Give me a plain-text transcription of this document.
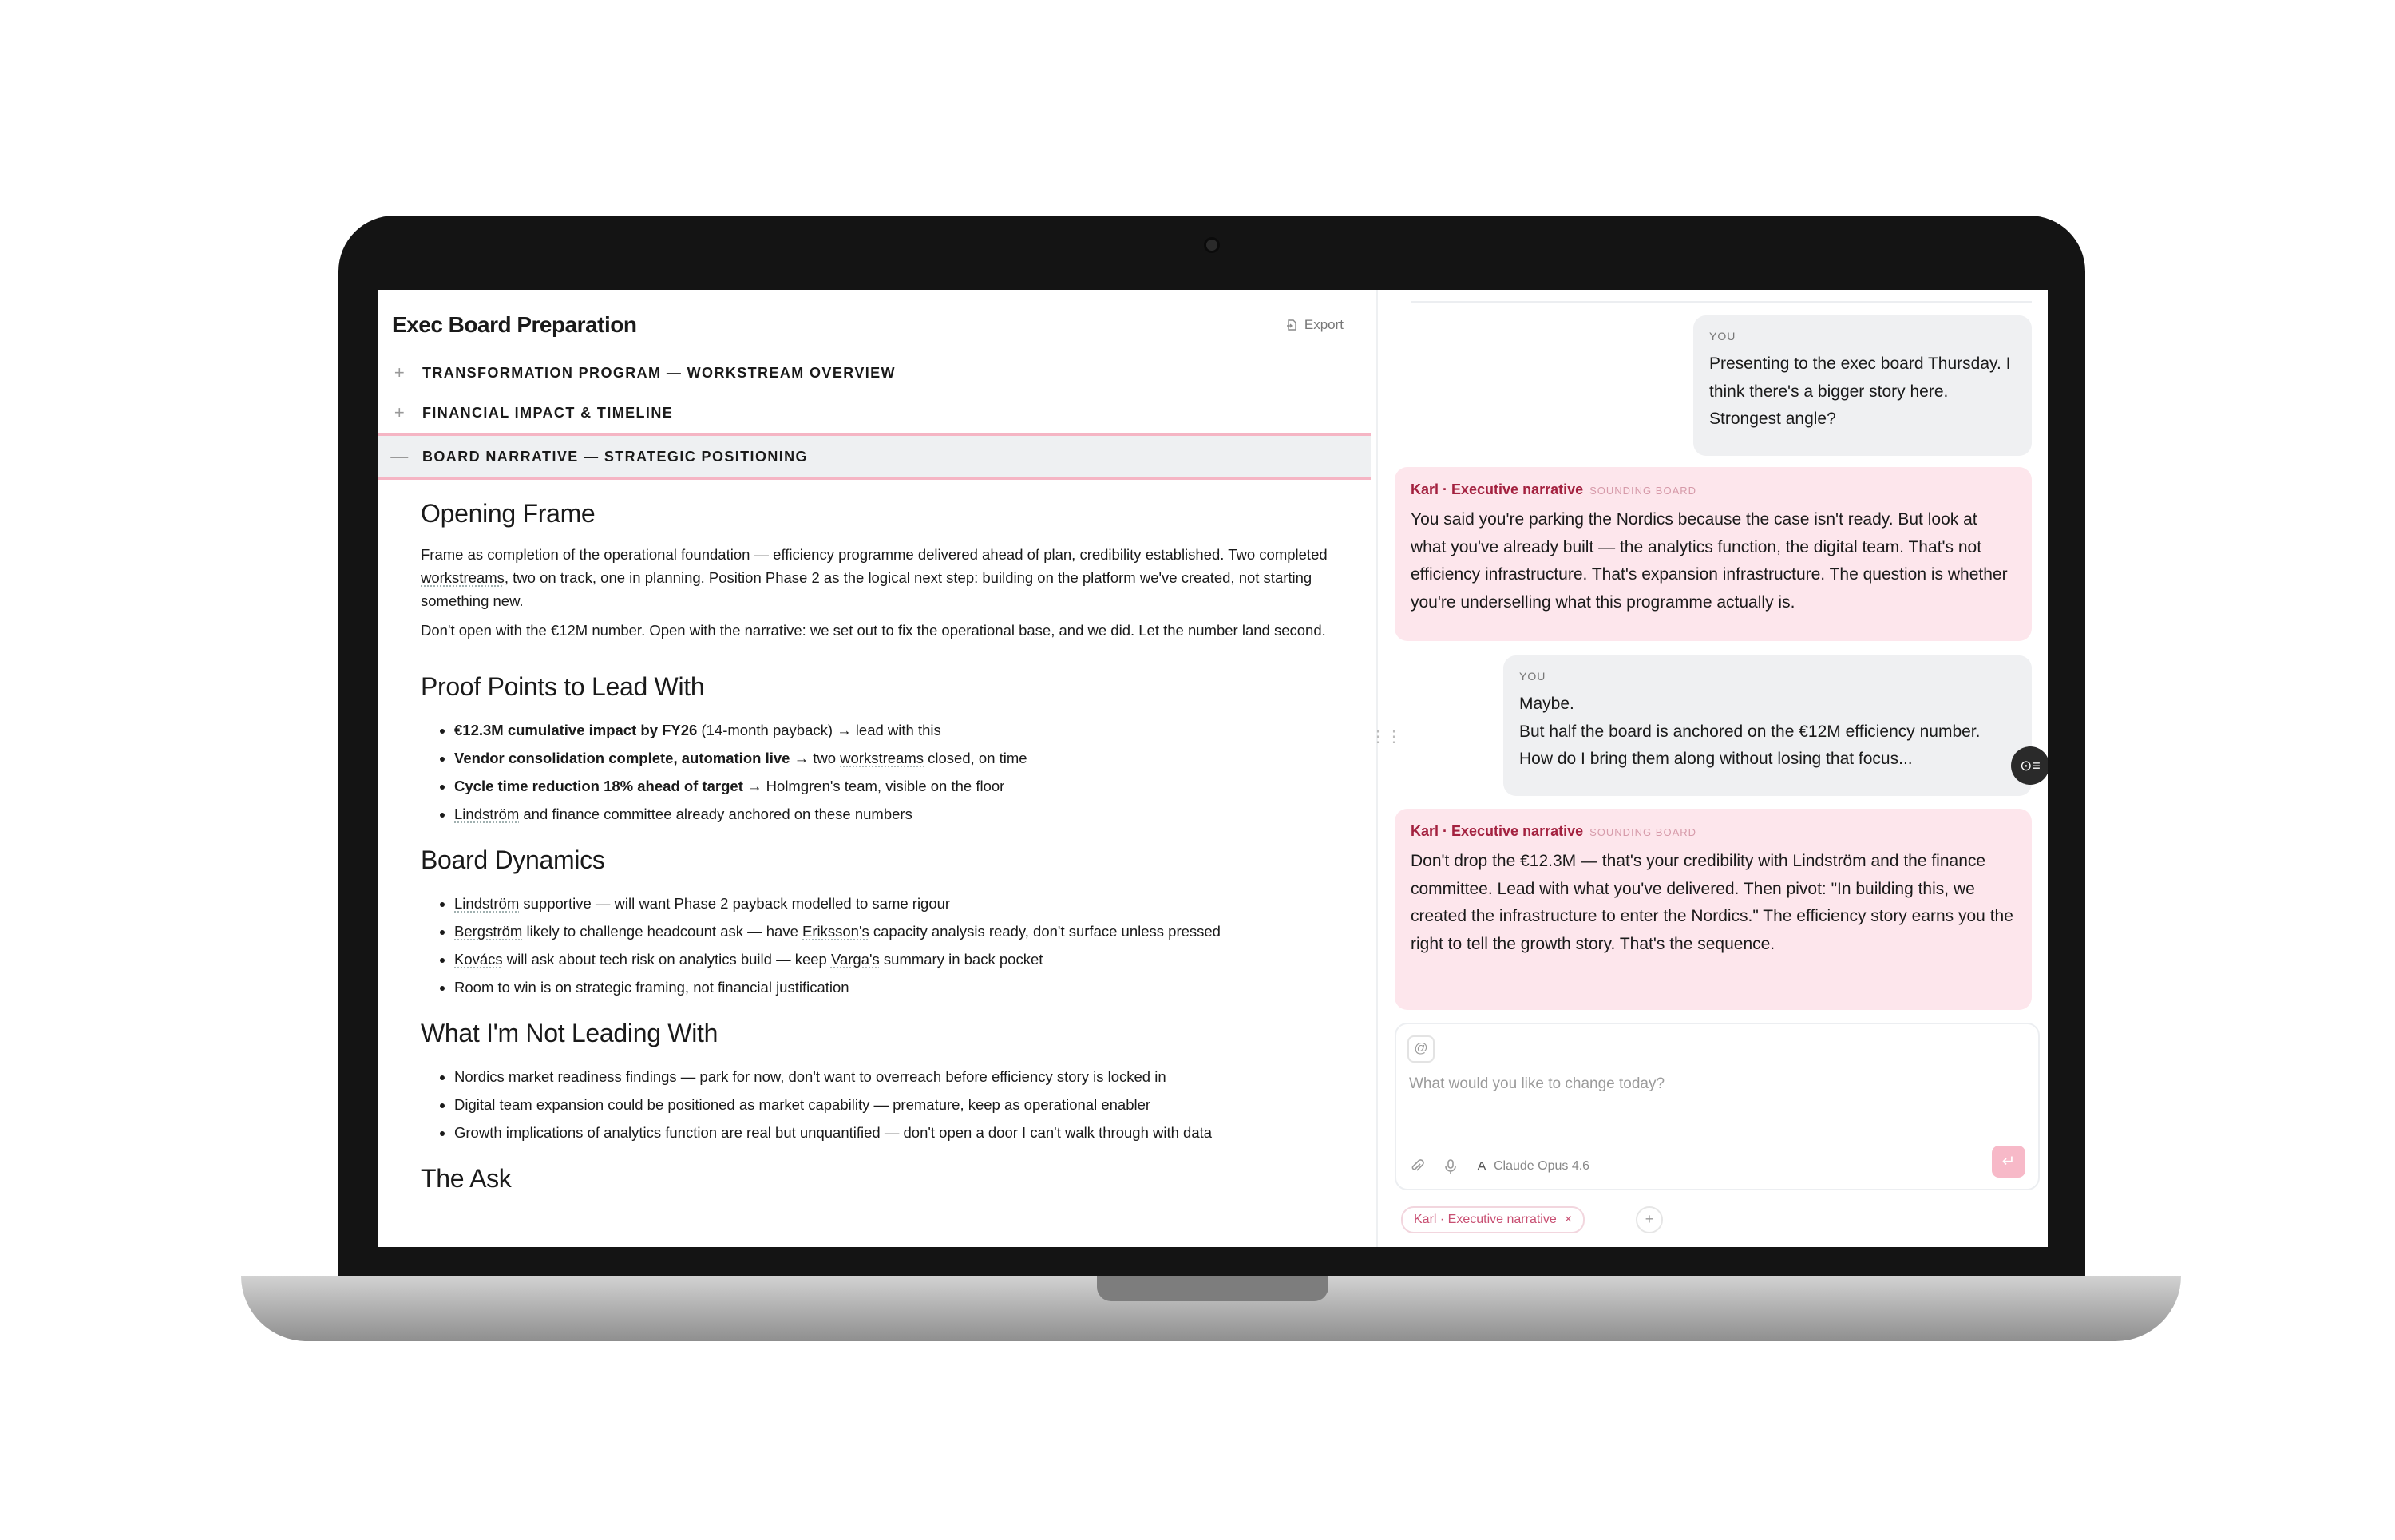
Exec Board Preparation	Export
+	TRANSFORMATION PROGRAM — WORKSTREAM OVERVIEW
+	FINANCIAL IMPACT & TIMELINE
— BOARD NARRATIVE — STRATEGIC POSITIONING
Opening Frame

Frame as completion of the operational foundation — efficiency programme delivered ahead of plan, credibility established. Two completed workstreams, two on track, one in planning. Position Phase 2 as the logical next step: building on the platform we've created, not starting something new.

Don't open with the €12M number. Open with the narrative: we set out to fix the operational base, and we did. Let the number land second.

Proof Points to Lead With
• €12.3M cumulative impact by FY26 (14-month payback) → lead with this
• Vendor consolidation complete, automation live → two workstreams closed, on time
• Cycle time reduction 18% ahead of target → Holmgren's team, visible on the floor
• Lindström and finance committee already anchored on these numbers
Board Dynamics
• Lindström supportive — will want Phase 2 payback modelled to same rigour
• Bergström likely to challenge headcount ask — have Eriksson's capacity analysis ready, don't surface unless pressed
• Kovács will ask about tech risk on analytics build — keep Varga's summary in back pocket
• Room to win is on strategic framing, not financial justification
What I'm Not Leading With
• Nordics market readiness findings — park for now, don't want to overreach before efficiency story is locked in
• Digital team expansion could be positioned as market capability — premature, keep as operational enabler
• Growth implications of analytics function are real but unquantified — don't open a door I can't walk through with data
The Ask
⋮⋮
YOU
Presenting to the exec board Thursday. I think there's a bigger story here. Strongest angle?
Karl · Executive narrative SOUNDING BOARD
You said you're parking the Nordics because the case isn't ready. But look at what you've already built — the analytics function, the digital team. That's not efficiency infrastructure. That's expansion infrastructure. The question is whether you're underselling what this programme actually is.
YOU
Maybe.
But half the board is anchored on the €12M efficiency number. How do I bring them along without losing that focus...
Karl · Executive narrative SOUNDING BOARD
Don't drop the €12.3M — that's your credibility with Lindström and the finance committee. Lead with what you've delivered. Then pivot: "In building this, we created the infrastructure to enter the Nordics." The efficiency story earns you the right to tell the growth story. That's the sequence.
@
What would you like to change today?
Claude Opus 4.6	↵
Karl · Executive narrative ×	+
⊙≡
